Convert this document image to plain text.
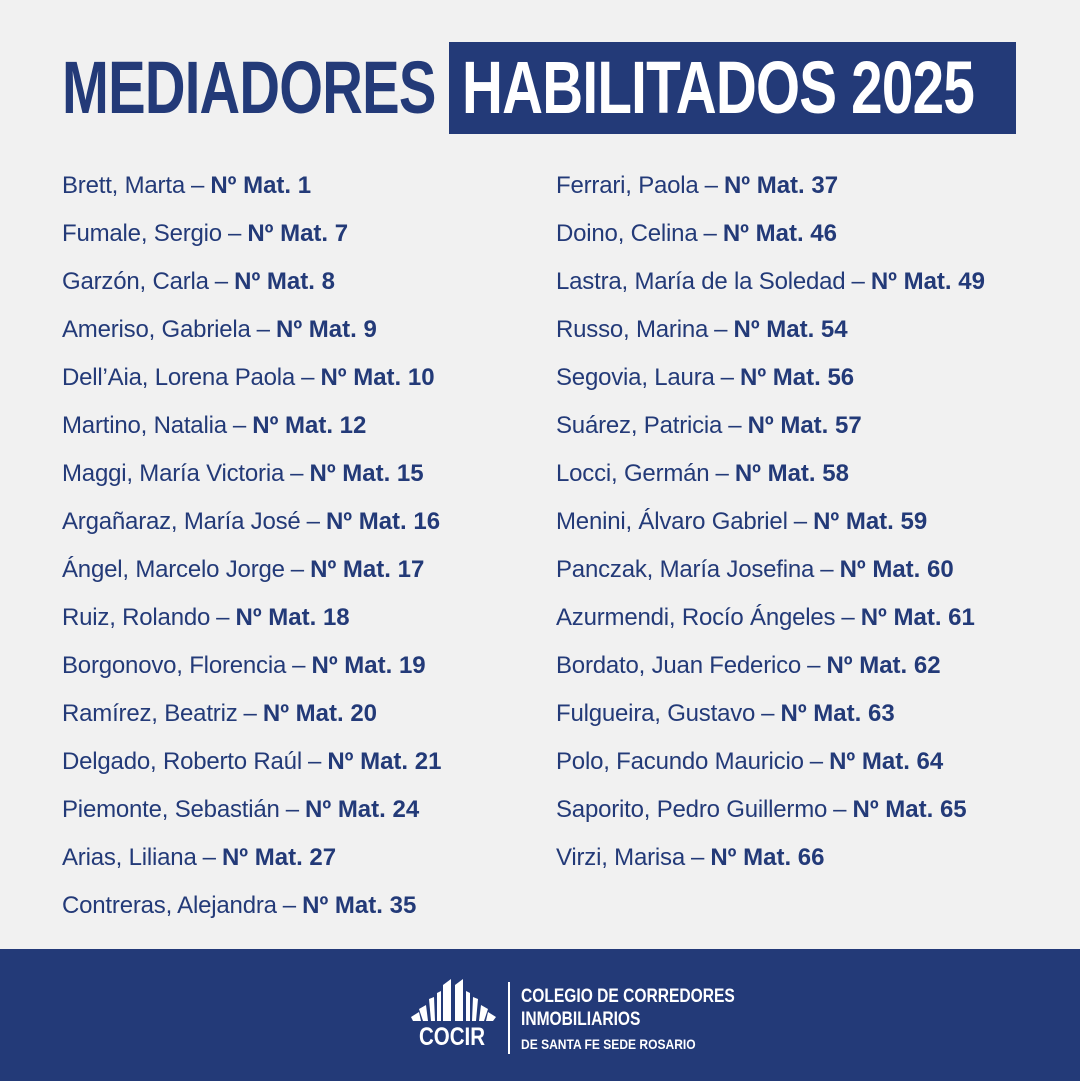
MEDIADORES HABILITADOS 2025
Brett, Marta – Nº Mat. 1
Fumale, Sergio – Nº Mat. 7
Garzón, Carla – Nº Mat. 8
Ameriso, Gabriela – Nº Mat. 9
Dell’Aia, Lorena Paola – Nº Mat. 10
Martino, Natalia – Nº Mat. 12
Maggi, María Victoria – Nº Mat. 15
Argañaraz, María José – Nº Mat. 16
Ángel, Marcelo Jorge – Nº Mat. 17
Ruiz, Rolando – Nº Mat. 18
Borgonovo, Florencia – Nº Mat. 19
Ramírez, Beatriz – Nº Mat. 20
Delgado, Roberto Raúl – Nº Mat. 21
Piemonte, Sebastián – Nº Mat. 24
Arias, Liliana – Nº Mat. 27
Contreras, Alejandra – Nº Mat. 35
Ferrari, Paola – Nº Mat. 37
Doino, Celina – Nº Mat. 46
Lastra, María de la Soledad – Nº Mat. 49
Russo, Marina – Nº Mat. 54
Segovia, Laura – Nº Mat. 56
Suárez, Patricia – Nº Mat. 57
Locci, Germán – Nº Mat. 58
Menini, Álvaro Gabriel – Nº Mat. 59
Panczak, María Josefina – Nº Mat. 60
Azurmendi, Rocío Ángeles – Nº Mat. 61
Bordato, Juan Federico – Nº Mat. 62
Fulgueira, Gustavo – Nº Mat. 63
Polo, Facundo Mauricio – Nº Mat. 64
Saporito, Pedro Guillermo – Nº Mat. 65
Virzi, Marisa – Nº Mat. 66
COCIR
COLEGIO DE CORREDORES
INMOBILIARIOS
DE SANTA FE SEDE ROSARIO
